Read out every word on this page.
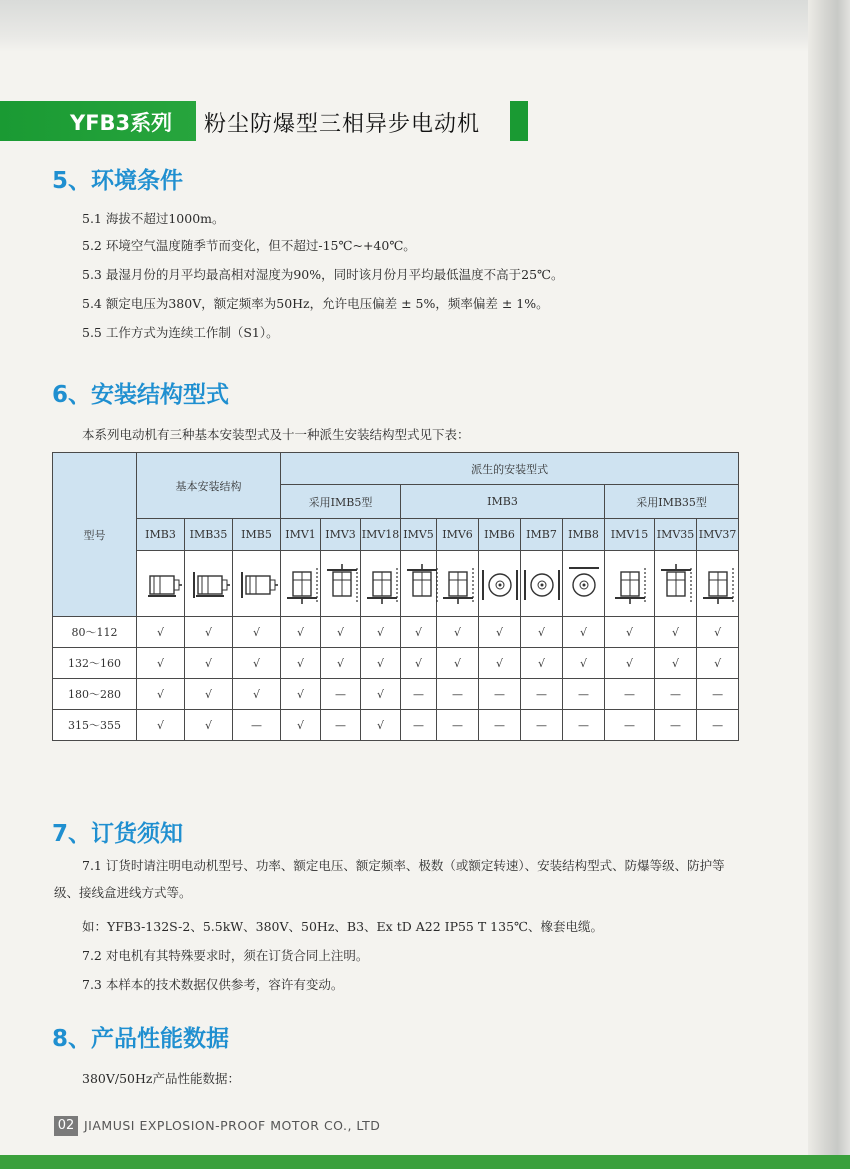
YFB3系列 粉尘防爆型三相异步电动机
5、环境条件
5.1 海拔不超过1000m。
5.2 环境空气温度随季节而变化，但不超过-15℃~+40℃。
5.3 最湿月份的月平均最高相对湿度为90%，同时该月份月平均最低温度不高于25℃。
5.4 额定电压为380V，额定频率为50Hz，允许电压偏差 ± 5%，频率偏差 ± 1%。
5.5 工作方式为连续工作制（S1）。
6、安装结构型式
本系列电动机有三种基本安装型式及十一种派生安装结构型式见下表：
型号	基本安装结构			派生的安装型式										
				采用IMB5型			IMB3					采用IMB35型		
	IMB3	IMB35	IMB5	IMV1	IMV3	IMV18	IMV5	IMV6	IMB6	IMB7	IMB8	IMV15	IMV35	IMV37

80～112	√	√	√	√	√	√	√	√	√	√	√	√	√	√
132～160	√	√	√	√	√	√	√	√	√	√	√	√	√	√
180～280	√	√	√	√	—	√	—	—	—	—	—	—	—	—
315～355	√	√	—	√	—	√	—	—	—	—	—	—	—	—
7、订货须知
7.1 订货时请注明电动机型号、功率、额定电压、额定频率、极数（或额定转速）、安装结构型式、防爆等级、防护等级、接线盒进线方式等。
如：YFB3-132S-2、5.5kW、380V、50Hz、B3、Ex tD A22 IP55 T 135℃、橡套电缆。
7.2 对电机有其特殊要求时，须在订货合同上注明。
7.3 本样本的技术数据仅供参考，容许有变动。
8、产品性能数据
380V/50Hz产品性能数据：
02 JIAMUSI EXPLOSION-PROOF MOTOR CO., LTD
